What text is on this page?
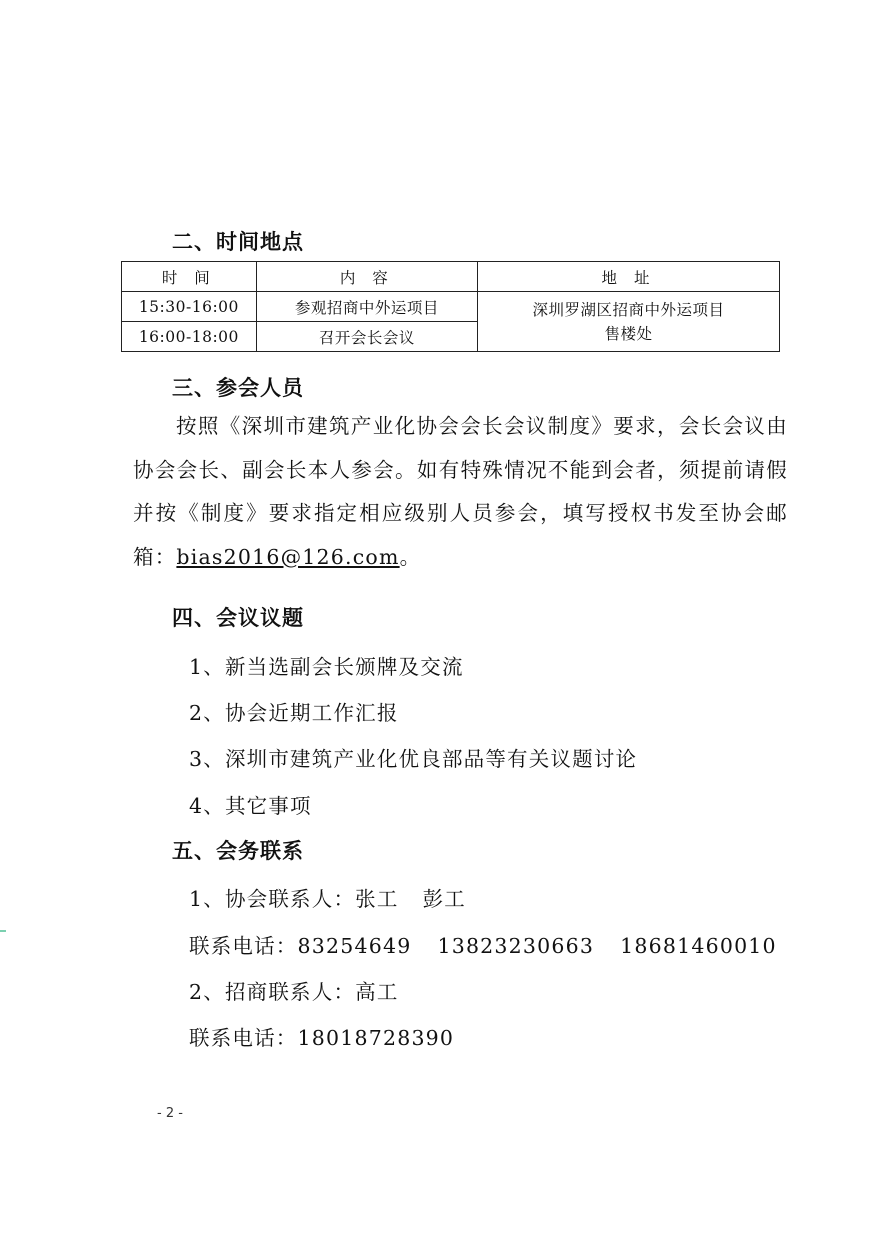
二、时间地点
时 间	内 容	地 址
15:30-16:00	参观招商中外运项目	深圳罗湖区招商中外运项目
售楼处

16:00-18:00	召开会长会议	
三、参会人员
按照《深圳市建筑产业化协会会长会议制度》要求，会长会议由协会会长、副会长本人参会。如有特殊情况不能到会者，须提前请假并按《制度》要求指定相应级别人员参会，填写授权书发至协会邮箱：bias2016@126.com。
四、会议议题
1、新当选副会长颁牌及交流
2、协会近期工作汇报
3、深圳市建筑产业化优良部品等有关议题讨论
4、其它事项
五、会务联系
1、协会联系人：张工 彭工
联系电话：83254649 13823230663 18681460010
2、招商联系人：高工
联系电话：18018728390
- 2 -
